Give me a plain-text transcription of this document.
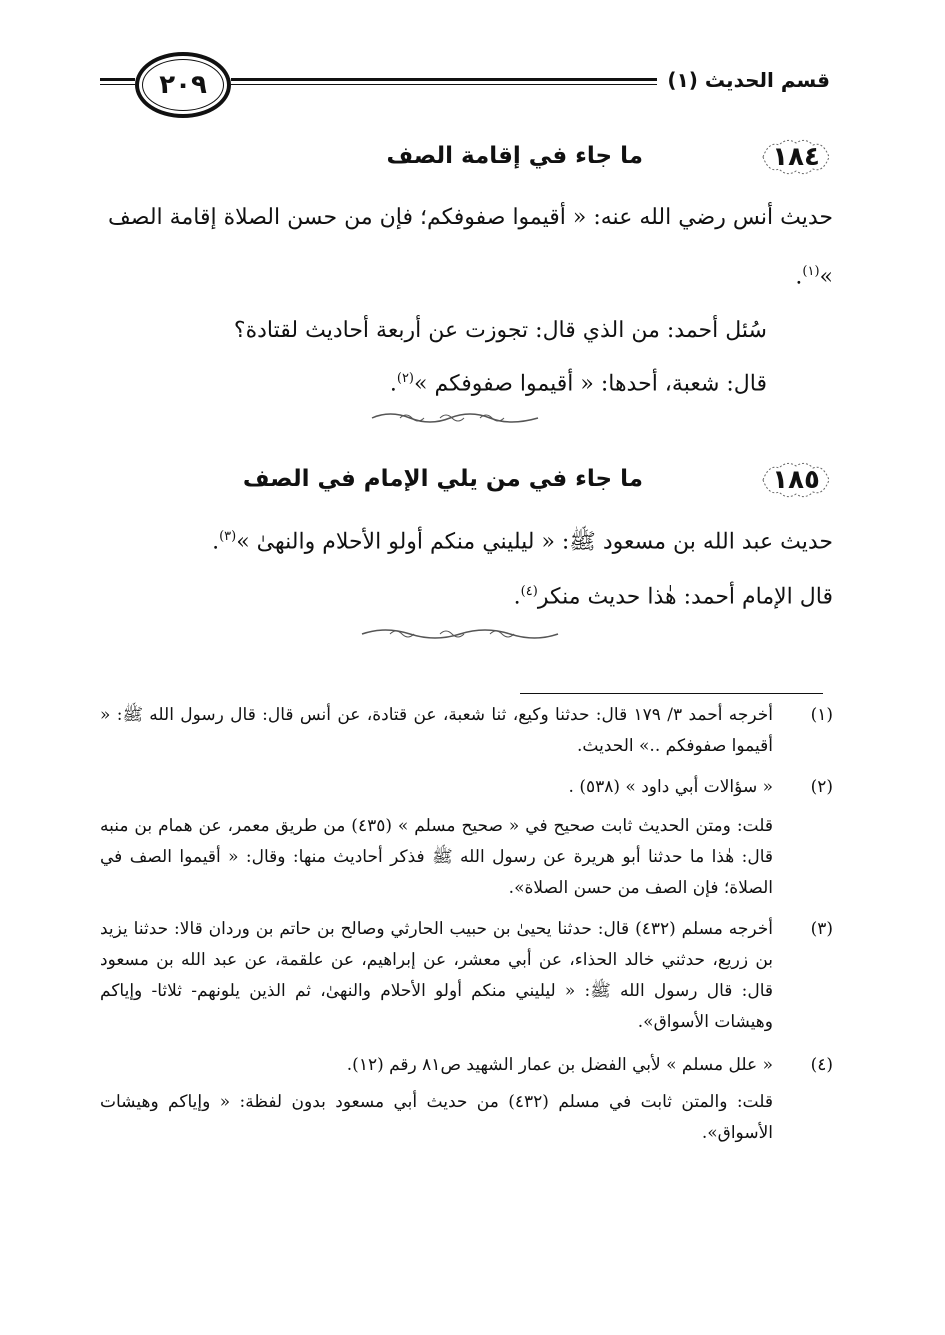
٢٠٩	قسم الحديث (١)
١٨٤
ما جاء في إقامة الصف

حديث أنس رضي الله عنه: « أقيموا صفوفكم؛ فإن من حسن الصلاة إقامة الصف »$^{(١)}$.

سُئل أحمد: من الذي قال: تجوزت عن أربعة أحاديث لقتادة؟

قال: شعبة، أحدها: « أقيموا صفوفكم »$^{(٢)}$.

١٨٥
ما جاء في من يلي الإمام في الصف

حديث عبد الله بن مسعود ﷺ: « ليليني منكم أولو الأحلام والنهىٰ »$^{(٣)}$.

قال الإمام أحمد: هٰذا حديث منكر$^{(٤)}$.

(١)
أخرجه أحمد ٣/ ١٧٩ قال: حدثنا وكيع، ثنا شعبة، عن قتادة، عن أنس قال: قال رسول الله ﷺ: « أقيموا صفوفكم ..» الحديث.
(٢)
« سؤالات أبي داود » (٥٣٨) .
قلت: ومتن الحديث ثابت صحيح في « صحيح مسلم » (٤٣٥) من طريق معمر، عن همام بن منبه قال: هٰذا ما حدثنا أبو هريرة عن رسول الله ﷺ فذكر أحاديث منها: وقال: « أقيموا الصف في الصلاة؛ فإن الصف من حسن الصلاة».
(٣)
أخرجه مسلم (٤٣٢) قال: حدثنا يحيىٰ بن حبيب الحارثي وصالح بن حاتم بن وردان قالا: حدثنا يزيد بن زريع، حدثني خالد الحذاء، عن أبي معشر، عن إبراهيم، عن علقمة، عن عبد الله بن مسعود قال: قال رسول الله ﷺ: « ليليني منكم أولو الأحلام والنهىٰ، ثم الذين يلونهم- ثلاثا- وإياكم وهيشات الأسواق».
(٤)
« علل مسلم » لأبي الفضل بن عمار الشهيد ص٨١ رقم (١٢).
قلت: والمتن ثابت في مسلم (٤٣٢) من حديث أبي مسعود بدون لفظة: « وإياكم وهيشات الأسواق».
